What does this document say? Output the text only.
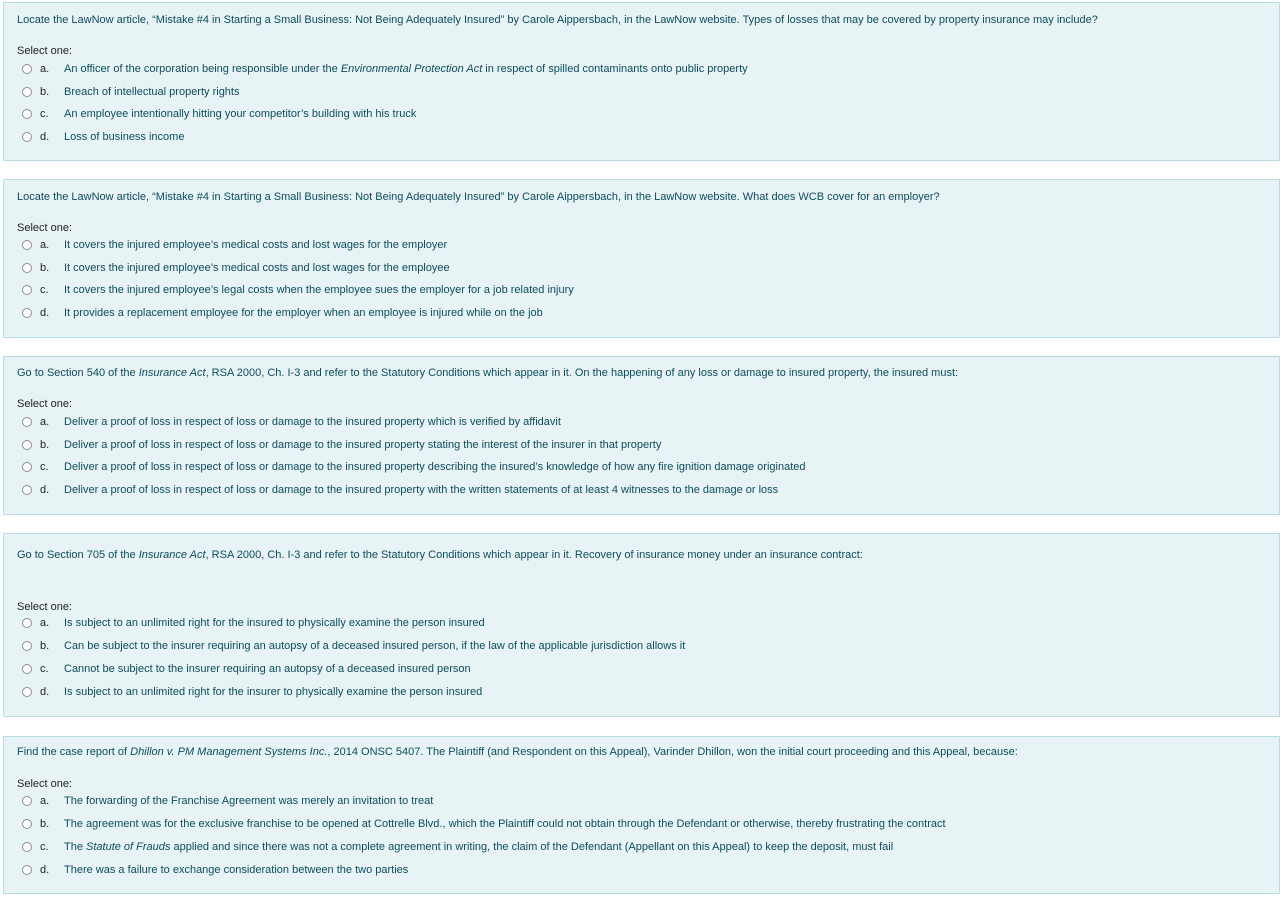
Locate the LawNow article, “Mistake #4 in Starting a Small Business: Not Being Adequately Insured” by Carole Aippersbach, in the LawNow website. Types of losses that may be covered by property insurance may include?
Select one:
a.	An officer of the corporation being responsible under the Environmental Protection Act in respect of spilled contaminants onto public property
b.	Breach of intellectual property rights
c.	An employee intentionally hitting your competitor’s building with his truck
d.	Loss of business income
Locate the LawNow article, “Mistake #4 in Starting a Small Business: Not Being Adequately Insured” by Carole Aippersbach, in the LawNow website. What does WCB cover for an employer?
Select one:
a.	It covers the injured employee’s medical costs and lost wages for the employer
b.	It covers the injured employee’s medical costs and lost wages for the employee
c.	It covers the injured employee’s legal costs when the employee sues the employer for a job related injury
d.	It provides a replacement employee for the employer when an employee is injured while on the job
Go to Section 540 of the Insurance Act, RSA 2000, Ch. I-3 and refer to the Statutory Conditions which appear in it. On the happening of any loss or damage to insured property, the insured must:
Select one:
a.	Deliver a proof of loss in respect of loss or damage to the insured property which is verified by affidavit
b.	Deliver a proof of loss in respect of loss or damage to the insured property stating the interest of the insurer in that property
c.	Deliver a proof of loss in respect of loss or damage to the insured property describing the insured’s knowledge of how any fire ignition damage originated
d.	Deliver a proof of loss in respect of loss or damage to the insured property with the written statements of at least 4 witnesses to the damage or loss
Go to Section 705 of the Insurance Act, RSA 2000, Ch. I-3 and refer to the Statutory Conditions which appear in it. Recovery of insurance money under an insurance contract:
Select one:
a.	Is subject to an unlimited right for the insured to physically examine the person insured
b.	Can be subject to the insurer requiring an autopsy of a deceased insured person, if the law of the applicable jurisdiction allows it
c.	Cannot be subject to the insurer requiring an autopsy of a deceased insured person
d.	Is subject to an unlimited right for the insurer to physically examine the person insured
Find the case report of Dhillon v. PM Management Systems Inc., 2014 ONSC 5407. The Plaintiff (and Respondent on this Appeal), Varinder Dhillon, won the initial court proceeding and this Appeal, because:
Select one:
a.	The forwarding of the Franchise Agreement was merely an invitation to treat
b.	The agreement was for the exclusive franchise to be opened at Cottrelle Blvd., which the Plaintiff could not obtain through the Defendant or otherwise, thereby frustrating the contract
c.	The Statute of Frauds applied and since there was not a complete agreement in writing, the claim of the Defendant (Appellant on this Appeal) to keep the deposit, must fail
d.	There was a failure to exchange consideration between the two parties
